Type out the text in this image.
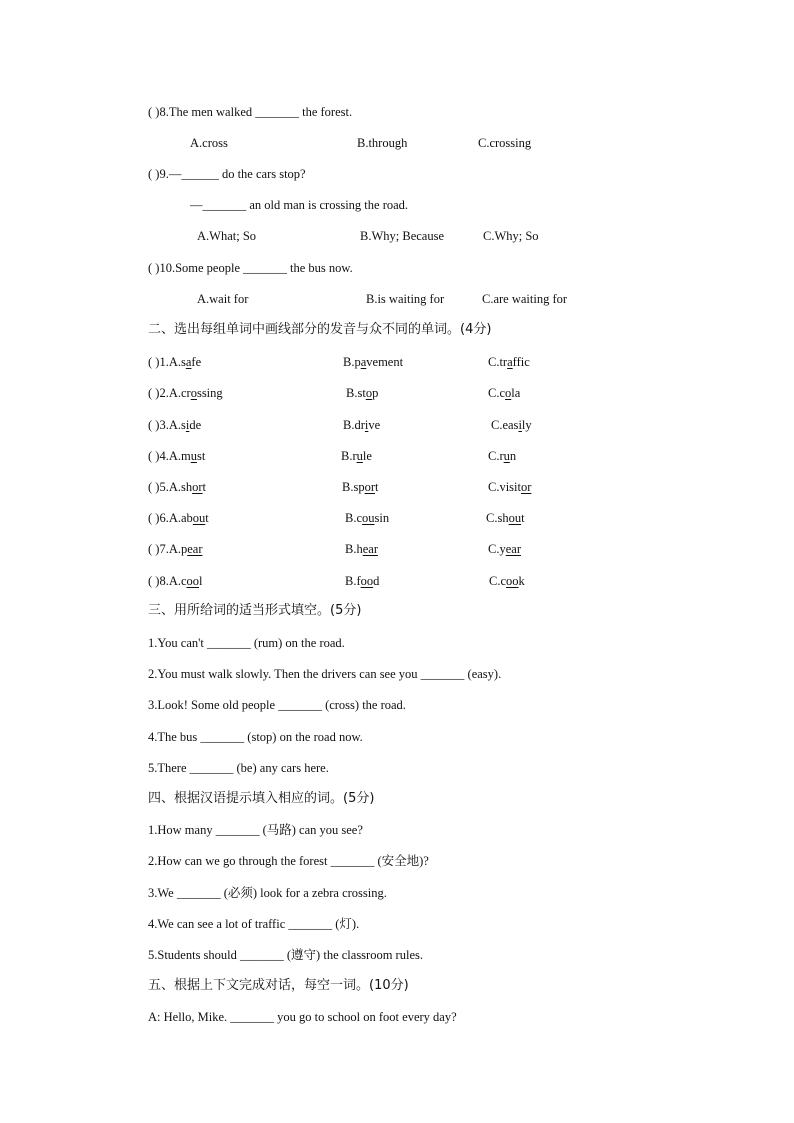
( )8.The men walked _______ the forest.
A.cross	B.through	C.crossing
( )9.—______ do the cars stop?
—_______ an old man is crossing the road.
A.What; So	B.Why; Because	C.Why; So
( )10.Some people _______ the bus now.
A.wait for	B.is waiting for	C.are waiting for
二、选出每组单词中画线部分的发音与众不同的单词。(4分)
( )1.A.safe	B.pavement	C.traffic
( )2.A.crossing	B.stop	C.cola
( )3.A.side	B.drive	C.easily
( )4.A.must	B.rule	C.run
( )5.A.short	B.sport	C.visitor
( )6.A.about	B.cousin	C.shout
( )7.A.pear	B.hear	C.year
( )8.A.cool	B.food	C.cook
三、用所给词的适当形式填空。(5分)
1.You can't _______ (rum) on the road.
2.You must walk slowly. Then the drivers can see you _______ (easy).
3.Look! Some old people _______ (cross) the road.
4.The bus _______ (stop) on the road now.
5.There _______ (be) any cars here.
四、根据汉语提示填入相应的词。(5分)
1.How many _______ (马路) can you see?
2.How can we go through the forest _______ (安全地)?
3.We _______ (必须) look for a zebra crossing.
4.We can see a lot of traffic _______ (灯).
5.Students should _______ (遵守) the classroom rules.
五、根据上下文完成对话，每空一词。(10分)
A: Hello, Mike. _______ you go to school on foot every day?
